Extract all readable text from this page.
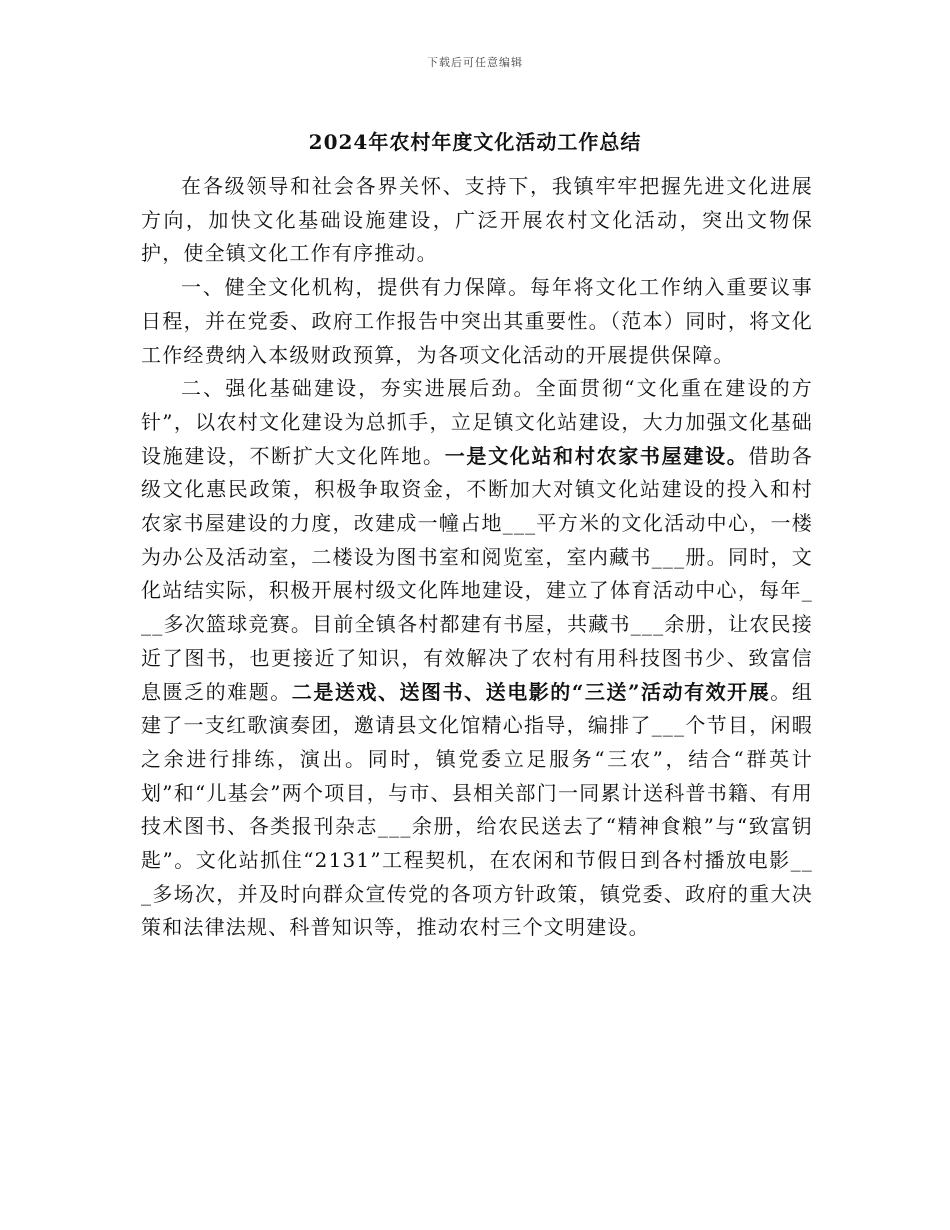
下载后可任意编辑
2024年农村年度文化活动工作总结

在各级领导和社会各界关怀、支持下，我镇牢牢把握先进文化进展方向，加快文化基础设施建设，广泛开展农村文化活动，突出文物保护，使全镇文化工作有序推动。

一、健全文化机构，提供有力保障。每年将文化工作纳入重要议事日程，并在党委、政府工作报告中突出其重要性。（范本）同时，将文化工作经费纳入本级财政预算，为各项文化活动的开展提供保障。

二、强化基础建设，夯实进展后劲。全面贯彻“文化重在建设的方针”，以农村文化建设为总抓手，立足镇文化站建设，大力加强文化基础设施建设，不断扩大文化阵地。一是文化站和村农家书屋建设。借助各级文化惠民政策，积极争取资金，不断加大对镇文化站建设的投入和村农家书屋建设的力度，改建成一幢占地___平方米的文化活动中心，一楼为办公及活动室，二楼设为图书室和阅览室，室内藏书___册。同时，文化站结实际，积极开展村级文化阵地建设，建立了体育活动中心，每年___多次篮球竞赛。目前全镇各村都建有书屋，共藏书___余册，让农民接近了图书，也更接近了知识，有效解决了农村有用科技图书少、致富信息匮乏的难题。二是送戏、送图书、送电影的“三送”活动有效开展。组建了一支红歌演奏团，邀请县文化馆精心指导，编排了___个节目，闲暇之余进行排练，演出。同时，镇党委立足服务“三农”，结合“群英计划”和“儿基会”两个项目，与市、县相关部门一同累计送科普书籍、有用技术图书、各类报刊杂志___余册，给农民送去了“精神食粮”与“致富钥匙”。文化站抓住“2131”工程契机，在农闲和节假日到各村播放电影___多场次，并及时向群众宣传党的各项方针政策，镇党委、政府的重大决策和法律法规、科普知识等，推动农村三个文明建设。
